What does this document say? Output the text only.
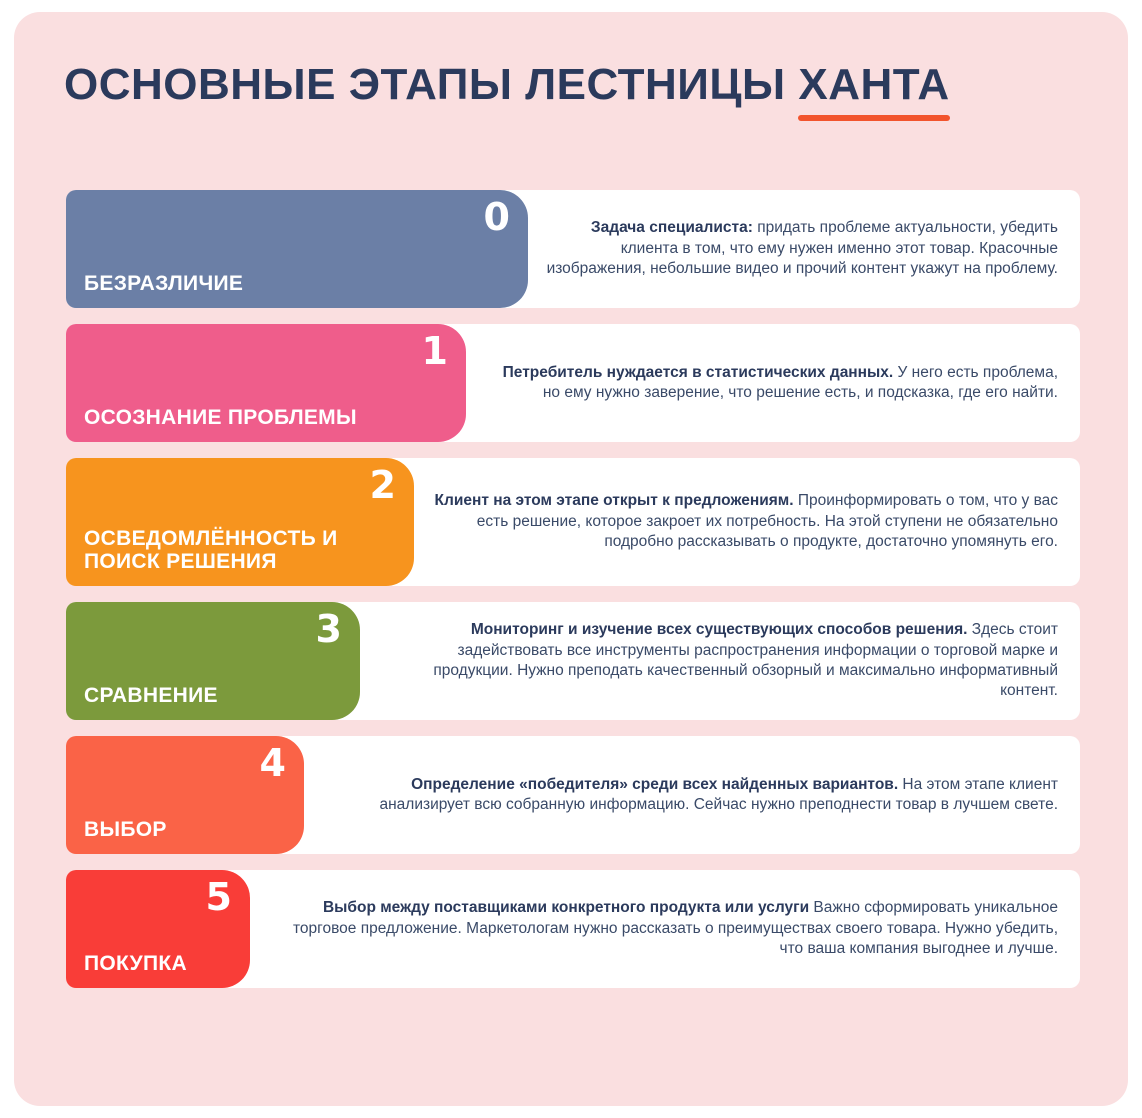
ОСНОВНЫЕ ЭТАПЫ ЛЕСТНИЦЫ ХАНТА
0
БЕЗРАЗЛИЧИЕ

Задача специалиста: придать проблеме актуальности, убедить клиента в том, что ему нужен именно этот товар. Красочные изображения, небольшие видео и прочий контент укажут на проблему.

1
ОСОЗНАНИЕ ПРОБЛЕМЫ

Петребитель нуждается в статистических данных. У него есть проблема, но ему нужно заверение, что решение есть, и подсказка, где его найти.

2
ОСВЕДОМЛЁННОСТЬ И ПОИСК РЕШЕНИЯ

Клиент на этом этапе открыт к предложениям. Проинформировать о том, что у вас есть решение, которое закроет их потребность. На этой ступени не обязательно подробно рассказывать о продукте, достаточно упомянуть его.

3
СРАВНЕНИЕ

Мониторинг и изучение всех существующих способов решения. Здесь стоит задействовать все инструменты распространения информации о торговой марке и продукции. Нужно преподать качественный обзорный и максимально информативный контент.

4
ВЫБОР

Определение «победителя» среди всех найденных вариантов. На этом этапе клиент анализирует всю собранную информацию. Сейчас нужно преподнести товар в лучшем свете.

5
ПОКУПКА

Выбор между поставщиками конкретного продукта или услуги Важно сформировать уникальное торговое предложение. Маркетологам нужно рассказать о преимуществах своего товара. Нужно убедить, что ваша компания выгоднее и лучше.
